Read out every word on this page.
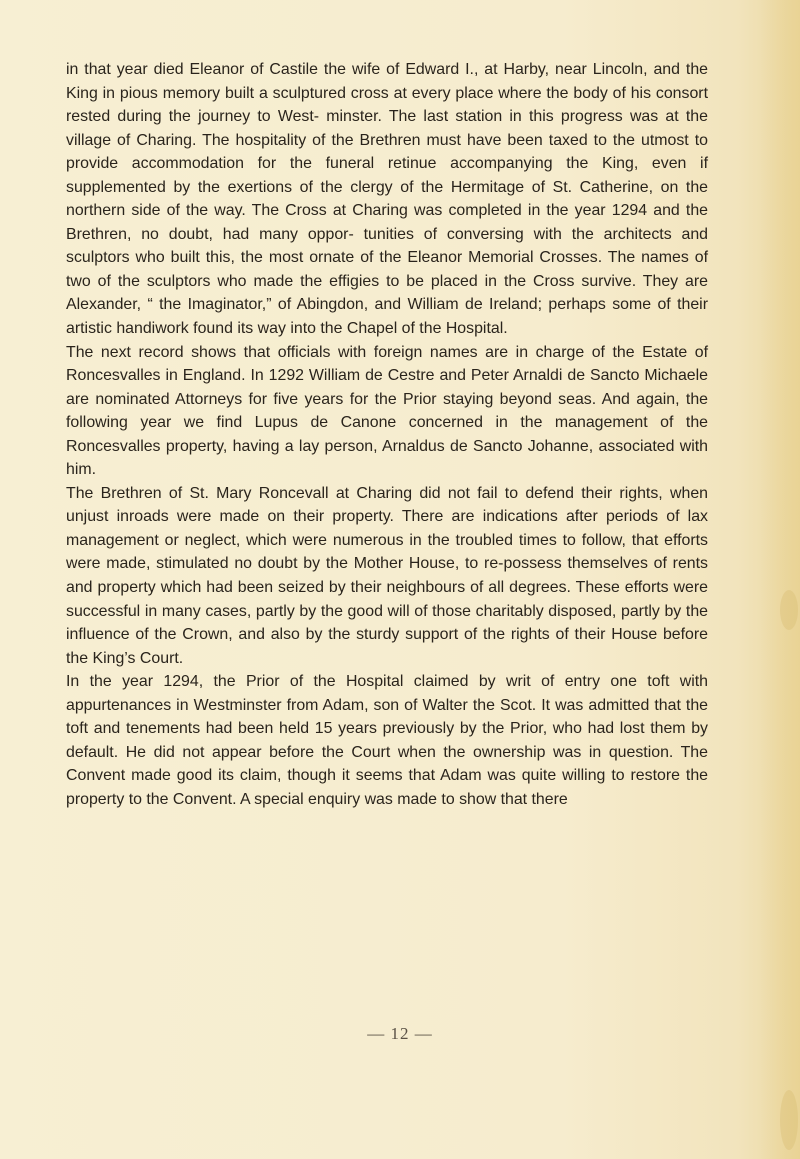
in that year died Eleanor of Castile the wife of Edward I., at Harby, near Lincoln, and the King in pious memory built a sculptured cross at every place where the body of his consort rested during the journey to West- minster. The last station in this progress was at the village of Charing. The hospitality of the Brethren must have been taxed to the utmost to provide accommodation for the funeral retinue accompanying the King, even if supplemented by the exertions of the clergy of the Hermitage of St. Catherine, on the northern side of the way. The Cross at Charing was completed in the year 1294 and the Brethren, no doubt, had many oppor- tunities of conversing with the architects and sculptors who built this, the most ornate of the Eleanor Memorial Crosses. The names of two of the sculptors who made the effigies to be placed in the Cross survive. They are Alexander, “ the Imaginator,” of Abingdon, and William de Ireland; perhaps some of their artistic handiwork found its way into the Chapel of the Hospital.

The next record shows that officials with foreign names are in charge of the Estate of Roncesvalles in England. In 1292 William de Cestre and Peter Arnaldi de Sancto Michaele are nominated Attorneys for five years for the Prior staying beyond seas. And again, the following year we find Lupus de Canone concerned in the management of the Roncesvalles property, having a lay person, Arnaldus de Sancto Johanne, associated with him.

The Brethren of St. Mary Roncevall at Charing did not fail to defend their rights, when unjust inroads were made on their property. There are indications after periods of lax management or neglect, which were numerous in the troubled times to follow, that efforts were made, stimulated no doubt by the Mother House, to re-possess themselves of rents and property which had been seized by their neighbours of all degrees. These efforts were successful in many cases, partly by the good will of those charitably disposed, partly by the influence of the Crown, and also by the sturdy support of the rights of their House before the King’s Court.

In the year 1294, the Prior of the Hospital claimed by writ of entry one toft with appurtenances in Westminster from Adam, son of Walter the Scot. It was admitted that the toft and tenements had been held 15 years previously by the Prior, who had lost them by default. He did not appear before the Court when the ownership was in question. The Convent made good its claim, though it seems that Adam was quite willing to restore the property to the Convent. A special enquiry was made to show that there

— 12 —
